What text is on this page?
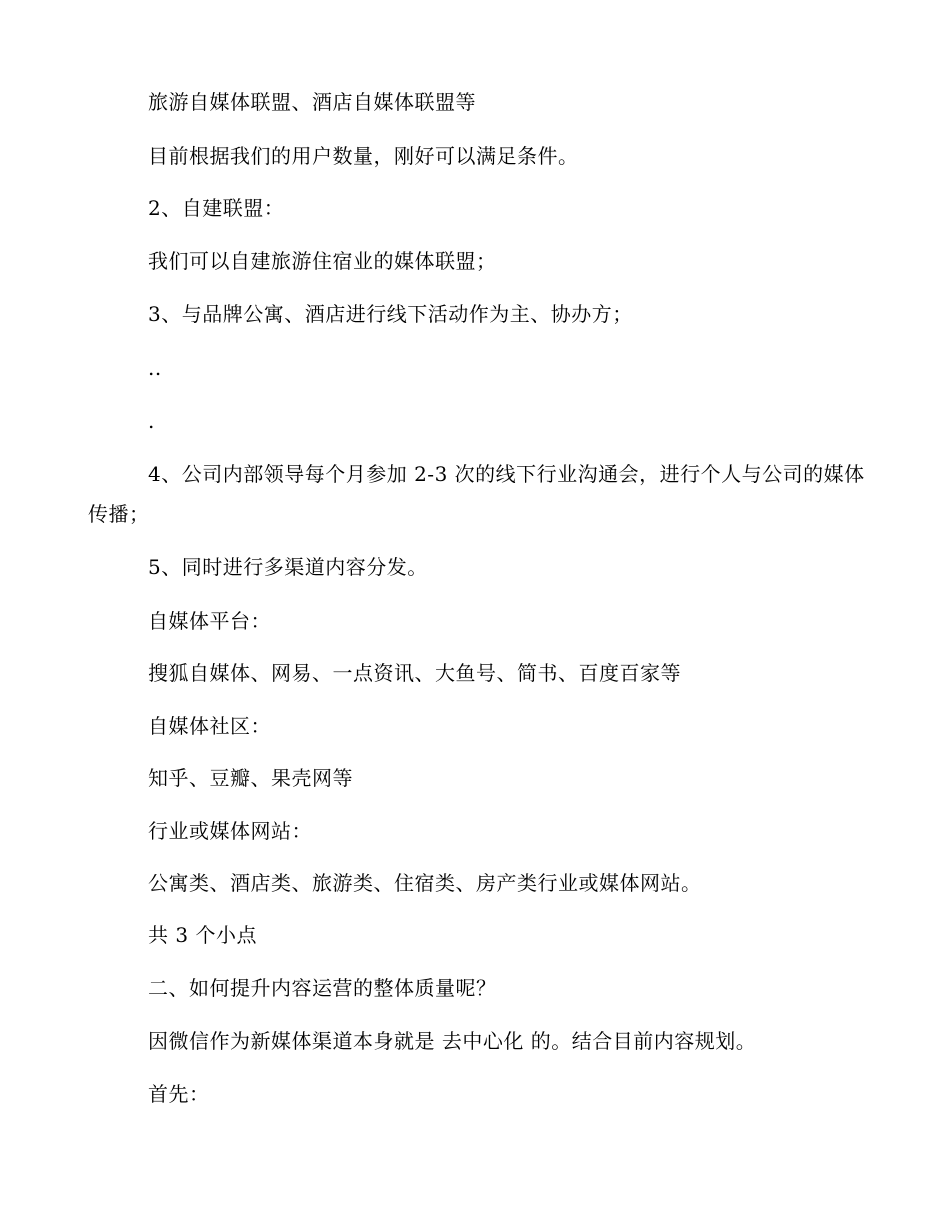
旅游自媒体联盟、酒店自媒体联盟等
目前根据我们的用户数量，刚好可以满足条件。
2、自建联盟：
我们可以自建旅游住宿业的媒体联盟；
3、与品牌公寓、酒店进行线下活动作为主、协办方；
..
.
4、公司内部领导每个月参加 2-3 次的线下行业沟通会，进行个人与公司的媒体传播；
5、同时进行多渠道内容分发。
自媒体平台：
搜狐自媒体、网易、一点资讯、大鱼号、简书、百度百家等
自媒体社区：
知乎、豆瓣、果壳网等
行业或媒体网站：
公寓类、酒店类、旅游类、住宿类、房产类行业或媒体网站。
共 3 个小点
二、如何提升内容运营的整体质量呢？
因微信作为新媒体渠道本身就是 去中心化 的。结合目前内容规划。
首先：
